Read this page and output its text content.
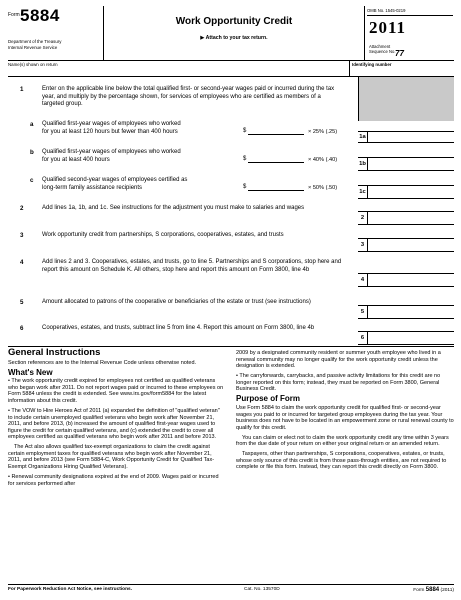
Form 5884
Department of the Treasury
Internal Revenue Service
Work Opportunity Credit
▶ Attach to your tax return.
OMB No. 1545-0219
2011
Attachment
Sequence No. 77
Name(s) shown on return	Identifying number
1	Enter on the applicable line below the total qualified first- or second-year wages paid or incurred during the tax year, and multiply by the percentage shown, for services of employees who are certified as members of a targeted group.
a Qualified first-year wages of employees who worked
for you at least 120 hours but fewer than 400 hours	$	× 25% (.25)
1a
b Qualified first-year wages of employees who worked
for you at least 400 hours	$	× 40% (.40)
1b
c Qualified second-year wages of employees certified as
long-term family assistance recipients	$	× 50% (.50)
1c
2	Add lines 1a, 1b, and 1c. See instructions for the adjustment you must make to salaries and wages
2
3	Work opportunity credit from partnerships, S corporations, cooperatives, estates, and trusts
3
4	Add lines 2 and 3. Cooperatives, estates, and trusts, go to line 5. Partnerships and S corporations, stop here and report this amount on Schedule K. All others, stop here and report this amount on Form 3800, line 4b
4
5	Amount allocated to patrons of the cooperative or beneficiaries of the estate or trust (see instructions)
5
6	Cooperatives, estates, and trusts, subtract line 5 from line 4. Report this amount on Form 3800, line 4b
6
General Instructions

Section references are to the Internal Revenue Code unless otherwise noted.

What's New

• The work opportunity credit expired for employees not certified as qualified veterans who began work after 2011. Do not report wages paid or incurred to these employees on Form 5884 unless the credit is extended. See www.irs.gov/form5884 for the latest information about this credit.

• The VOW to Hire Heroes Act of 2011 (a) expanded the definition of "qualified veteran" to include certain unemployed qualified veterans who begin work after November 21, 2011, and before 2013, (b) increased the amount of qualified first-year wages used to figure the credit for certain qualified veterans, and (c) extended the credit to cover all employees certified as qualified veterans who begin work after 2011 and before 2013.

The Act also allows qualified tax-exempt organizations to claim the credit against certain employment taxes for qualified veterans who begin work after November 21, 2011, and before 2013 (see Form 5884-C, Work Opportunity Credit for Qualified Tax-Exempt Organizations Hiring Qualified Veterans).

• Renewal community designations expired at the end of 2009. Wages paid or incurred for services performed after

2009 by a designated community resident or summer youth employee who lived in a renewal community may no longer qualify for the work opportunity credit unless the designation is extended.

• The carryforwards, carrybacks, and passive activity limitations for this credit are no longer reported on this form; instead, they must be reported on Form 3800, General Business Credit.

Purpose of Form

Use Form 5884 to claim the work opportunity credit for qualified first- or second-year wages you paid to or incurred for targeted group employees during the tax year. Your business does not have to be located in an empowerment zone or rural renewal county to qualify for this credit.

You can claim or elect not to claim the work opportunity credit any time within 3 years from the due date of your return on either your original return or an amended return.

Taxpayers, other than partnerships, S corporations, cooperatives, estates, or trusts, whose only source of this credit is from those pass-through entities, are not required to complete or file this form. Instead, they can report this credit directly on Form 3800.

For Paperwork Reduction Act Notice, see instructions.	Cat. No. 13570D	Form 5884 (2011)
